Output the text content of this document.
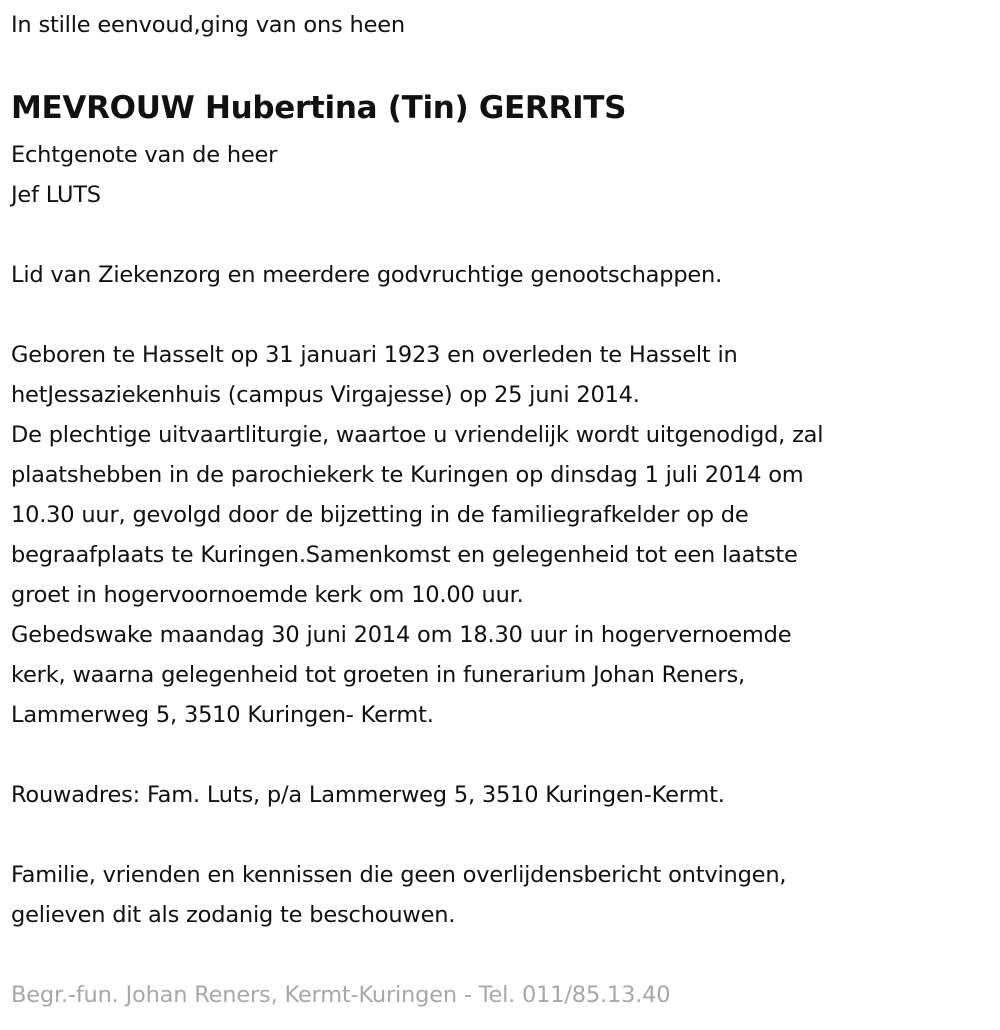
In stille eenvoud,ging van ons heen
MEVROUW Hubertina (Tin) GERRITS
Echtgenote van de heer
Jef LUTS
Lid van Ziekenzorg en meerdere godvruchtige genootschappen.
Geboren te Hasselt op 31 januari 1923 en overleden te Hasselt in
hetJessaziekenhuis (campus Virgajesse) op 25 juni 2014.
De plechtige uitvaartliturgie, waartoe u vriendelijk wordt uitgenodigd, zal
plaatshebben in de parochiekerk te Kuringen op dinsdag 1 juli 2014 om
10.30 uur, gevolgd door de bijzetting in de familiegrafkelder op de
begraafplaats te Kuringen.Samenkomst en gelegenheid tot een laatste
groet in hogervoornoemde kerk om 10.00 uur.
Gebedswake maandag 30 juni 2014 om 18.30 uur in hogervernoemde
kerk, waarna gelegenheid tot groeten in funerarium Johan Reners,
Lammerweg 5, 3510 Kuringen- Kermt.
Rouwadres: Fam. Luts, p/a Lammerweg 5, 3510 Kuringen-Kermt.
Familie, vrienden en kennissen die geen overlijdensbericht ontvingen,
gelieven dit als zodanig te beschouwen.
Begr.-fun. Johan Reners, Kermt-Kuringen - Tel. 011/85.13.40
